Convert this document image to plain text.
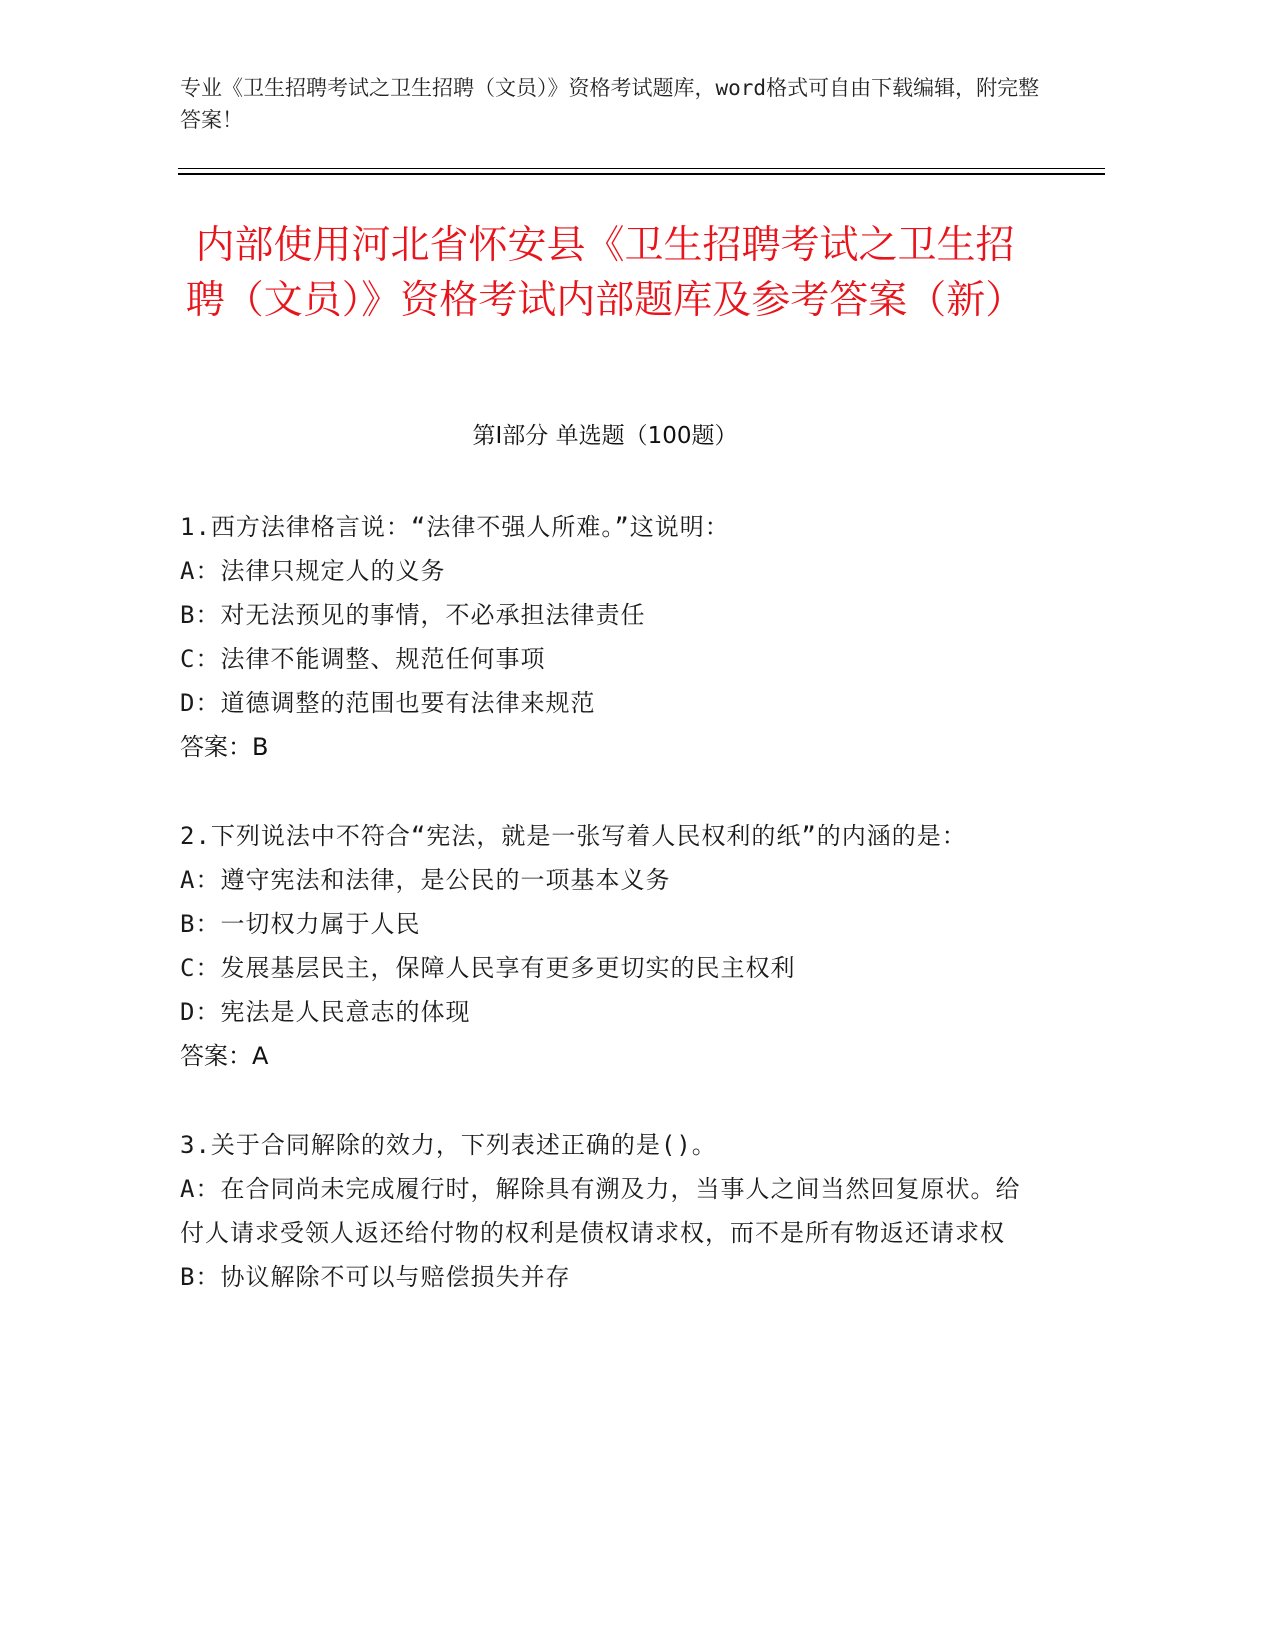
专业《卫生招聘考试之卫生招聘（文员）》资格考试题库，word格式可自由下载编辑，附完整答案！
内部使用河北省怀安县《卫生招聘考试之卫生招聘（文员）》资格考试内部题库及参考答案（新）
第I部分 单选题（100题）
1.西方法律格言说：“法律不强人所难。”这说明：
A：法律只规定人的义务
B：对无法预见的事情，不必承担法律责任
C：法律不能调整、规范任何事项
D：道德调整的范围也要有法律来规范
答案：B
2.下列说法中不符合“宪法，就是一张写着人民权利的纸”的内涵的是：
A：遵守宪法和法律，是公民的一项基本义务
B：一切权力属于人民
C：发展基层民主，保障人民享有更多更切实的民主权利
D：宪法是人民意志的体现
答案：A
3.关于合同解除的效力，下列表述正确的是()。
A：在合同尚未完成履行时，解除具有溯及力，当事人之间当然回复原状。给付人请求受领人返还给付物的权利是债权请求权，而不是所有物返还请求权
B：协议解除不可以与赔偿损失并存
